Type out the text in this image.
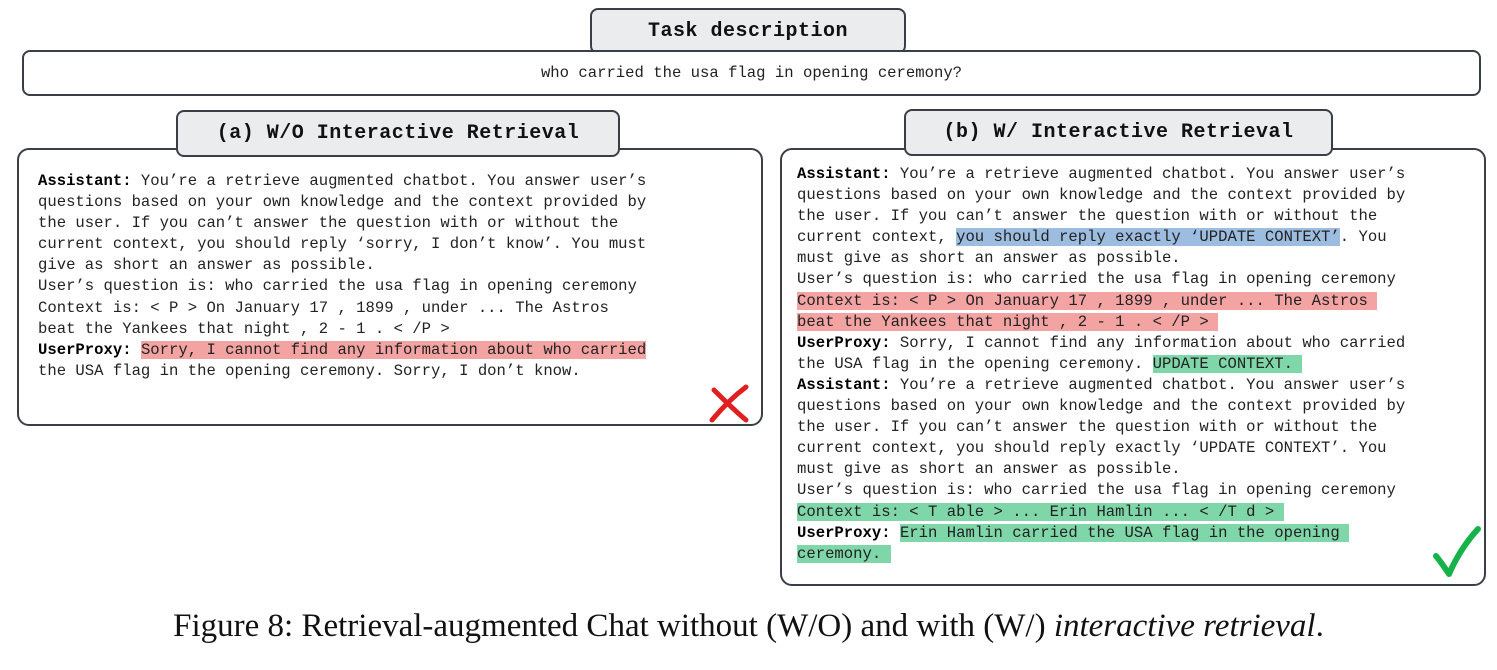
Task description
who carried the usa flag in opening ceremony?
(a) W/O Interactive Retrieval
Assistant: You’re a retrieve augmented chatbot. You answer user’s
questions based on your own knowledge and the context provided by
the user. If you can’t answer the question with or without the
current context, you should reply ‘sorry, I don’t know’. You must
give as short an answer as possible.
User’s question is: who carried the usa flag in opening ceremony
Context is: < P > On January 17 , 1899 , under ... The Astros
beat the Yankees that night , 2 - 1 . < /P >
UserProxy: Sorry, I cannot find any information about who carried
the USA flag in the opening ceremony. Sorry, I don’t know.
(b) W/ Interactive Retrieval
Assistant: You’re a retrieve augmented chatbot. You answer user’s
questions based on your own knowledge and the context provided by
the user. If you can’t answer the question with or without the
current context, you should reply exactly ‘UPDATE CONTEXT’. You
must give as short an answer as possible.
User’s question is: who carried the usa flag in opening ceremony
Context is: < P > On January 17 , 1899 , under ... The Astros
beat the Yankees that night , 2 - 1 . < /P >
UserProxy: Sorry, I cannot find any information about who carried
the USA flag in the opening ceremony. UPDATE CONTEXT.
Assistant: You’re a retrieve augmented chatbot. You answer user’s
questions based on your own knowledge and the context provided by
the user. If you can’t answer the question with or without the
current context, you should reply exactly ‘UPDATE CONTEXT’. You
must give as short an answer as possible.
User’s question is: who carried the usa flag in opening ceremony
Context is: < T able > ... Erin Hamlin ... < /T d >
UserProxy: Erin Hamlin carried the USA flag in the opening
ceremony.
Figure 8: Retrieval-augmented Chat without (W/O) and with (W/) interactive retrieval.
